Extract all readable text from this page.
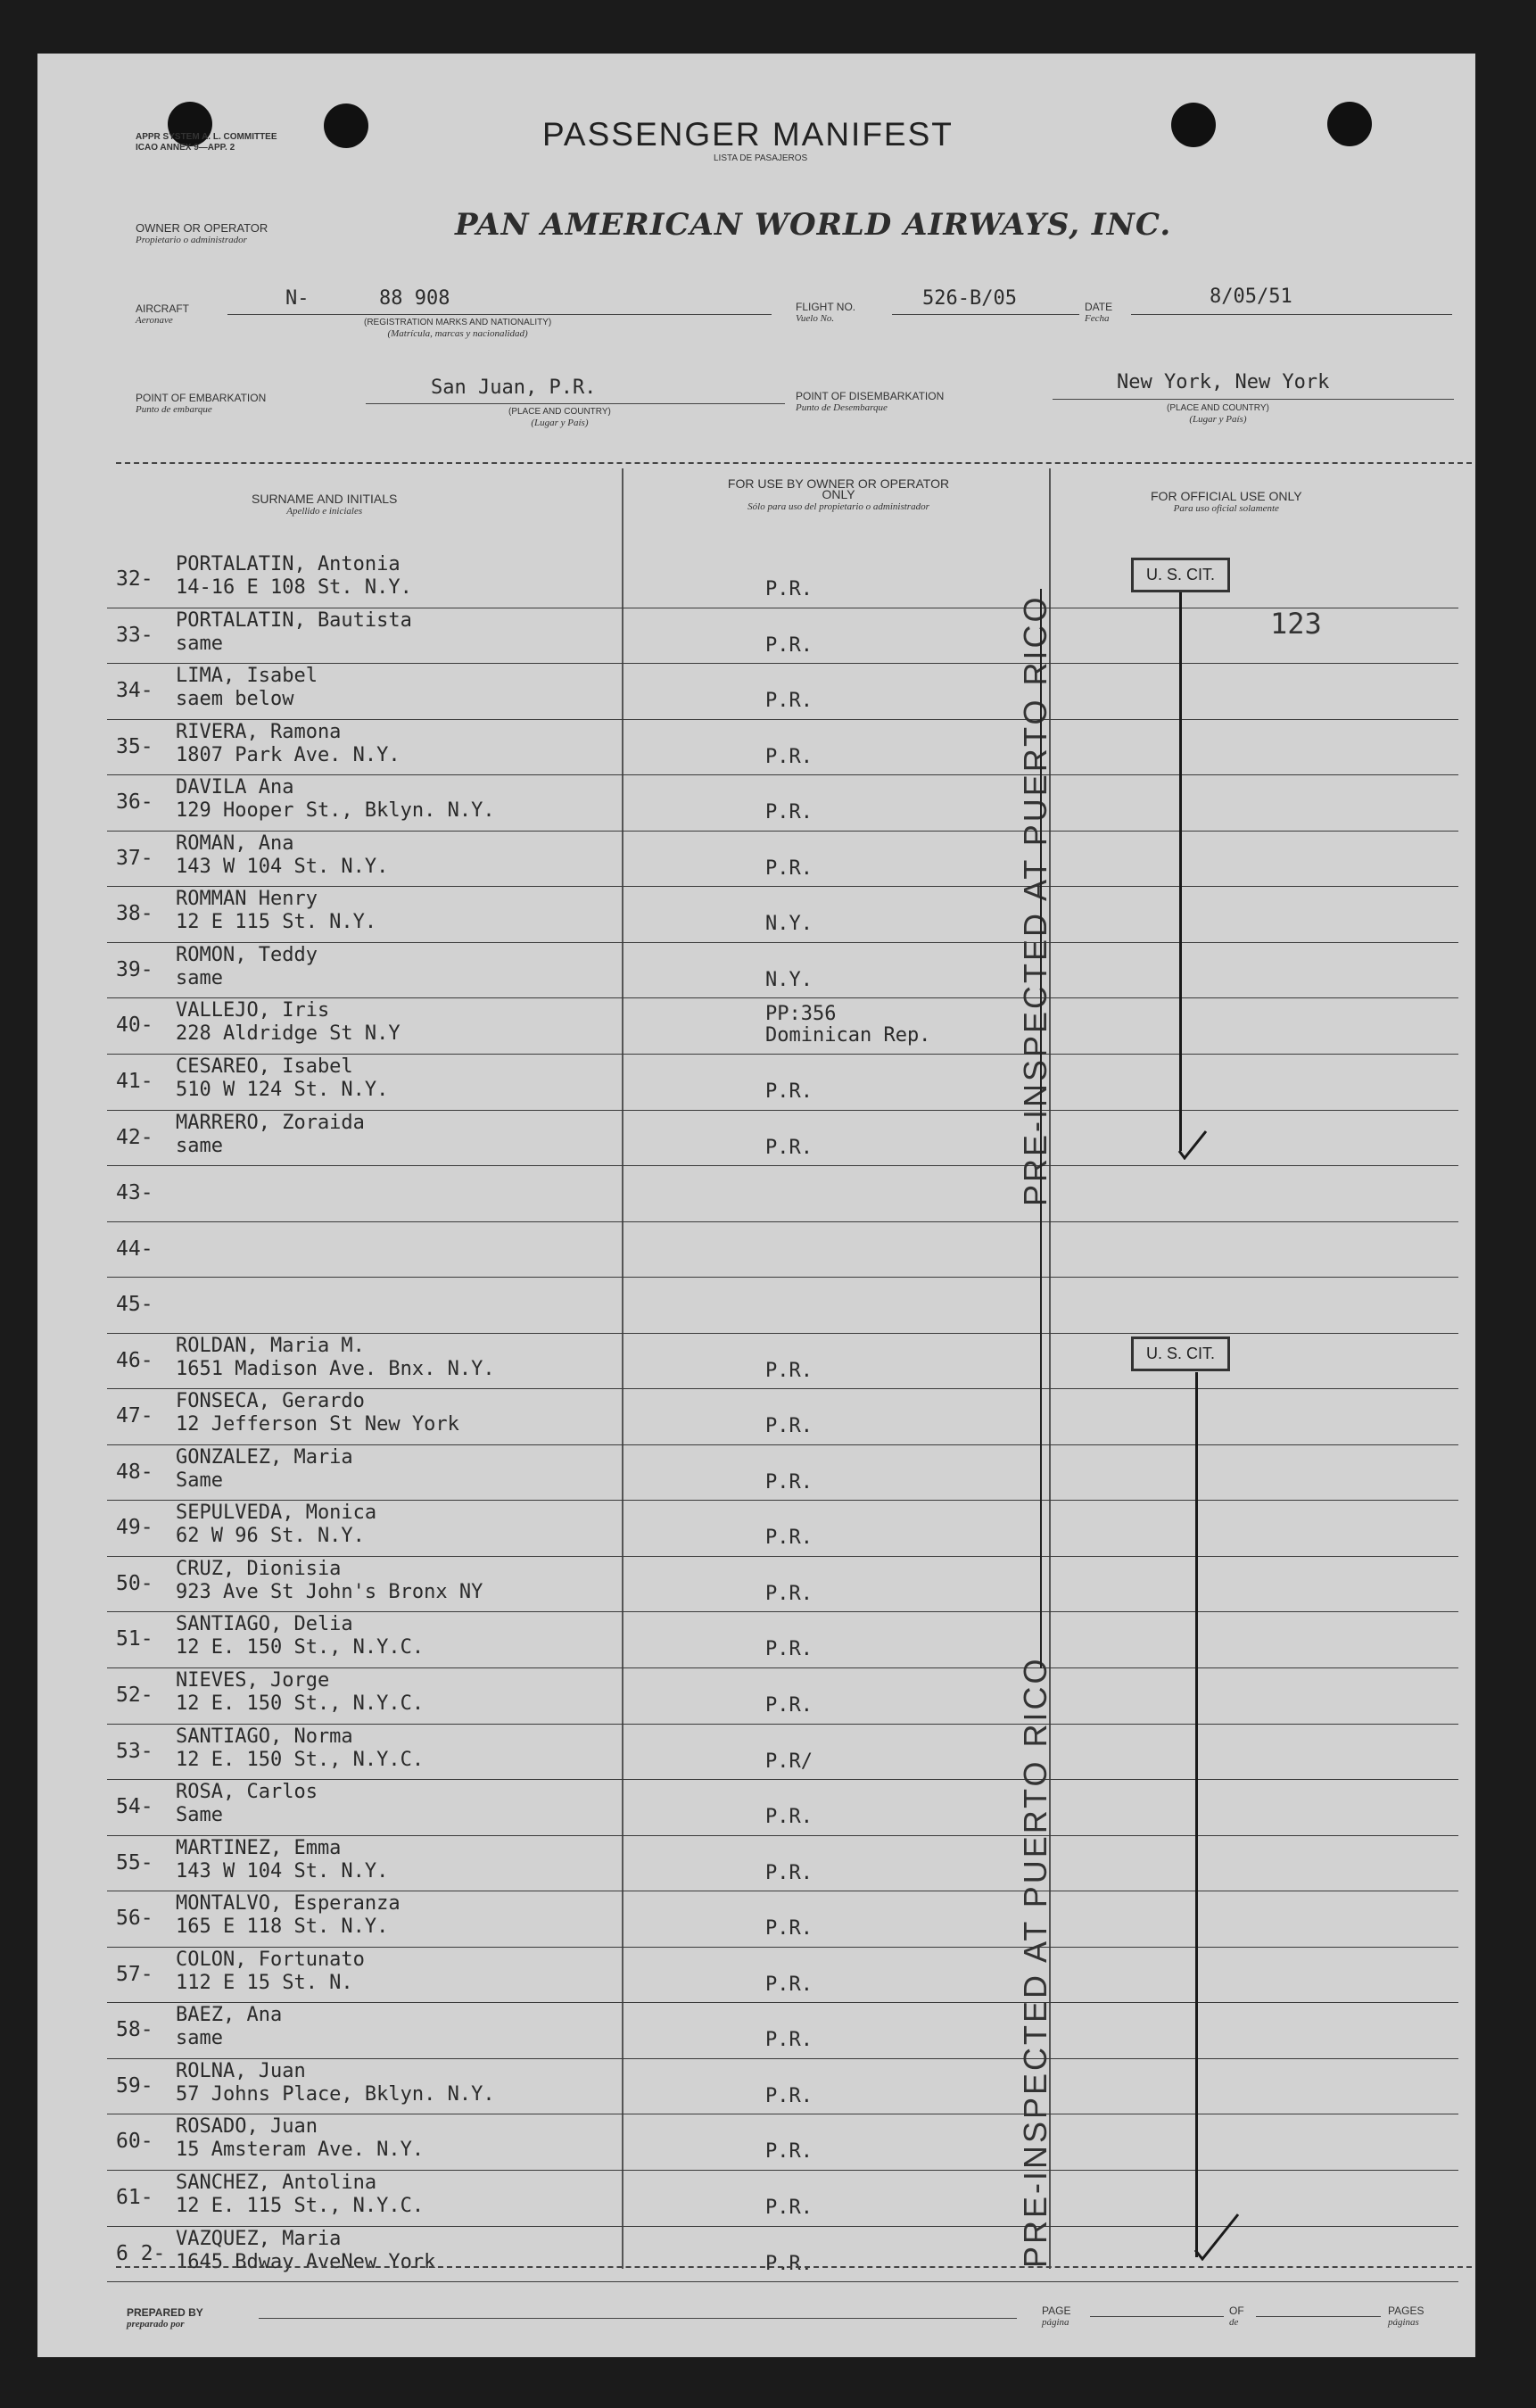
APPR SYSTEM A. L. COMMITTEE
ICAO ANNEX 9—APP. 2	PASSENGER MANIFEST
LISTA DE PASAJEROS
OWNER OR OPERATOR
Propietario o administrador	PAN AMERICAN WORLD AIRWAYS, INC.
AIRCRAFT
Aeronave
N-	88 908
(REGISTRATION MARKS AND NATIONALITY)
(Matrícula, marcas y nacionalidad)
FLIGHT NO.
Vuelo No.
526-B/05	DATE
Fecha
8/05/51
POINT OF EMBARKATION
Punto de embarque
San Juan, P.R.
(PLACE AND COUNTRY)
(Lugar y País)
POINT OF DISEMBARKATION
Punto de Desembarque
New York, New York
(PLACE AND COUNTRY)
(Lugar y País)
SURNAME AND INITIALS
Apellido e iniciales
FOR USE BY OWNER OR OPERATOR ONLY
Sólo para uso del propietario o administrador
FOR OFFICIAL USE ONLY
Para uso oficial solamente
32-
PORTALATIN, Antonia
14-16 E 108 St. N.Y.	P.R.
33-
PORTALATIN, Bautista
same	P.R.
34-
LIMA, Isabel
saem below	P.R.
35-
RIVERA, Ramona
1807 Park Ave. N.Y.	P.R.
36-
DAVILA Ana
129 Hooper St., Bklyn. N.Y.	P.R.
37-
ROMAN, Ana
143 W 104 St. N.Y.	P.R.
38-
ROMMAN Henry
12 E 115 St. N.Y.	N.Y.
39-
ROMON, Teddy
same	N.Y.
40-
VALLEJO, Iris
228 Aldridge St N.Y
PP:356
Dominican Rep.
41-
CESAREO, Isabel
510 W 124 St. N.Y.	P.R.
42-
MARRERO, Zoraida
same	P.R.
43-
44-
45-
46-
ROLDAN, Maria M.
1651 Madison Ave. Bnx. N.Y.	P.R.
47-
FONSECA, Gerardo
12 Jefferson St New York	P.R.
48-
GONZALEZ, Maria
Same	P.R.
49-
SEPULVEDA, Monica
62 W 96 St. N.Y.	P.R.
50-
CRUZ, Dionisia
923 Ave St John's Bronx NY	P.R.
51-
SANTIAGO, Delia
12 E. 150 St., N.Y.C.	P.R.
52-
NIEVES, Jorge
12 E. 150 St., N.Y.C.	P.R.
53-
SANTIAGO, Norma
12 E. 150 St., N.Y.C.	P.R/
54-
ROSA, Carlos
Same	P.R.
55-
MARTINEZ, Emma
143 W 104 St. N.Y.	P.R.
56-
MONTALVO, Esperanza
165 E 118 St. N.Y.	P.R.
57-
COLON, Fortunato
112 E 15 St. N.	P.R.
58-
BAEZ, Ana
same	P.R.
59-
ROLNA, Juan
57 Johns Place, Bklyn. N.Y.	P.R.
60-
ROSADO, Juan
15 Amsteram Ave. N.Y.	P.R.
61-
SANCHEZ, Antolina
12 E. 115 St., N.Y.C.	P.R.
6 2-
VAZQUEZ, Maria
1645 Bdway AveNew York	P.R.
PRE-INSPECTED AT PUERTO RICO
PRE-INSPECTED AT PUERTO RICO
U. S. CIT.
U. S. CIT.
123
PREPARED BY
preparado por
PAGE
página
OF
de
PAGES
páginas
